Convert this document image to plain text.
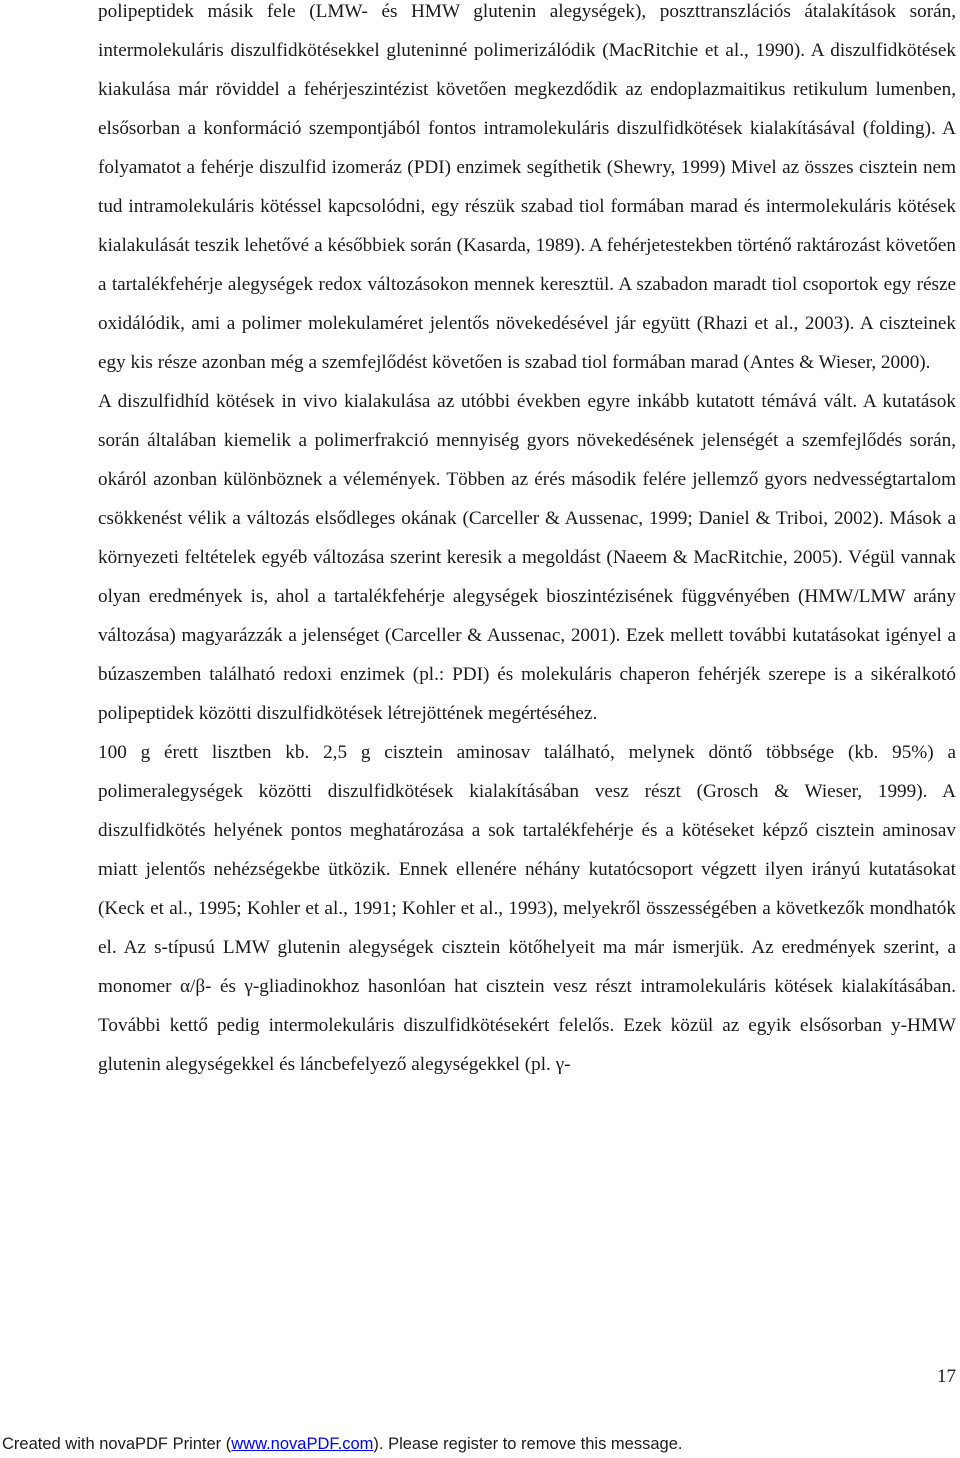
polipeptidek másik fele (LMW- és HMW glutenin alegységek), poszttranszlációs átalakítások során, intermolekuláris diszulfidkötésekkel gluteninné polimerizálódik (MacRitchie et al., 1990). A diszulfidkötések kiakulása már röviddel a fehérjeszintézist követően megkezdődik az endoplazmaitikus retikulum lumenben, elsősorban a konformáció szempontjából fontos intramolekuláris diszulfidkötések kialakításával (folding). A folyamatot a fehérje diszulfid izomeráz (PDI) enzimek segíthetik (Shewry, 1999) Mivel az összes cisztein nem tud intramolekuláris kötéssel kapcsolódni, egy részük szabad tiol formában marad és intermolekuláris kötések kialakulását teszik lehetővé a későbbiek során (Kasarda, 1989). A fehérjetestekben történő raktározást követően a tartalékfehérje alegységek redox változásokon mennek keresztül. A szabadon maradt tiol csoportok egy része oxidálódik, ami a polimer molekulaméret jelentős növekedésével jár együtt (Rhazi et al., 2003). A ciszteinek egy kis része azonban még a szemfejlődést követően is szabad tiol formában marad (Antes & Wieser, 2000).

A diszulfidhíd kötések in vivo kialakulása az utóbbi években egyre inkább kutatott témává vált. A kutatások során általában kiemelik a polimerfrakció mennyiség gyors növekedésének jelenségét a szemfejlődés során, okáról azonban különböznek a vélemények. Többen az érés második felére jellemző gyors nedvességtartalom csökkenést vélik a változás elsődleges okának (Carceller & Aussenac, 1999; Daniel & Triboi, 2002). Mások a környezeti feltételek egyéb változása szerint keresik a megoldást (Naeem & MacRitchie, 2005). Végül vannak olyan eredmények is, ahol a tartalékfehérje alegységek bioszintézisének függvényében (HMW/LMW arány változása) magyarázzák a jelenséget (Carceller & Aussenac, 2001). Ezek mellett további kutatásokat igényel a búzaszemben található redoxi enzimek (pl.: PDI) és molekuláris chaperon fehérjék szerepe is a sikéralkotó polipeptidek közötti diszulfidkötések létrejöttének megértéséhez.

100 g érett lisztben kb. 2,5 g cisztein aminosav található, melynek döntő többsége (kb. 95%) a polimeralegységek közötti diszulfidkötések kialakításában vesz részt (Grosch & Wieser, 1999). A diszulfidkötés helyének pontos meghatározása a sok tartalékfehérje és a kötéseket képző cisztein aminosav miatt jelentős nehézségekbe ütközik. Ennek ellenére néhány kutatócsoport végzett ilyen irányú kutatásokat (Keck et al., 1995; Kohler et al., 1991; Kohler et al., 1993), melyekről összességében a következők mondhatók el. Az s-típusú LMW glutenin alegységek cisztein kötőhelyeit ma már ismerjük. Az eredmények szerint, a monomer α/β- és γ-gliadinokhoz hasonlóan hat cisztein vesz részt intramolekuláris kötések kialakításában. További kettő pedig intermolekuláris diszulfidkötésekért felelős. Ezek közül az egyik elsősorban y-HMW glutenin alegységekkel és láncbefelyező alegységekkel (pl. γ-

17
Created with novaPDF Printer (www.novaPDF.com). Please register to remove this message.
